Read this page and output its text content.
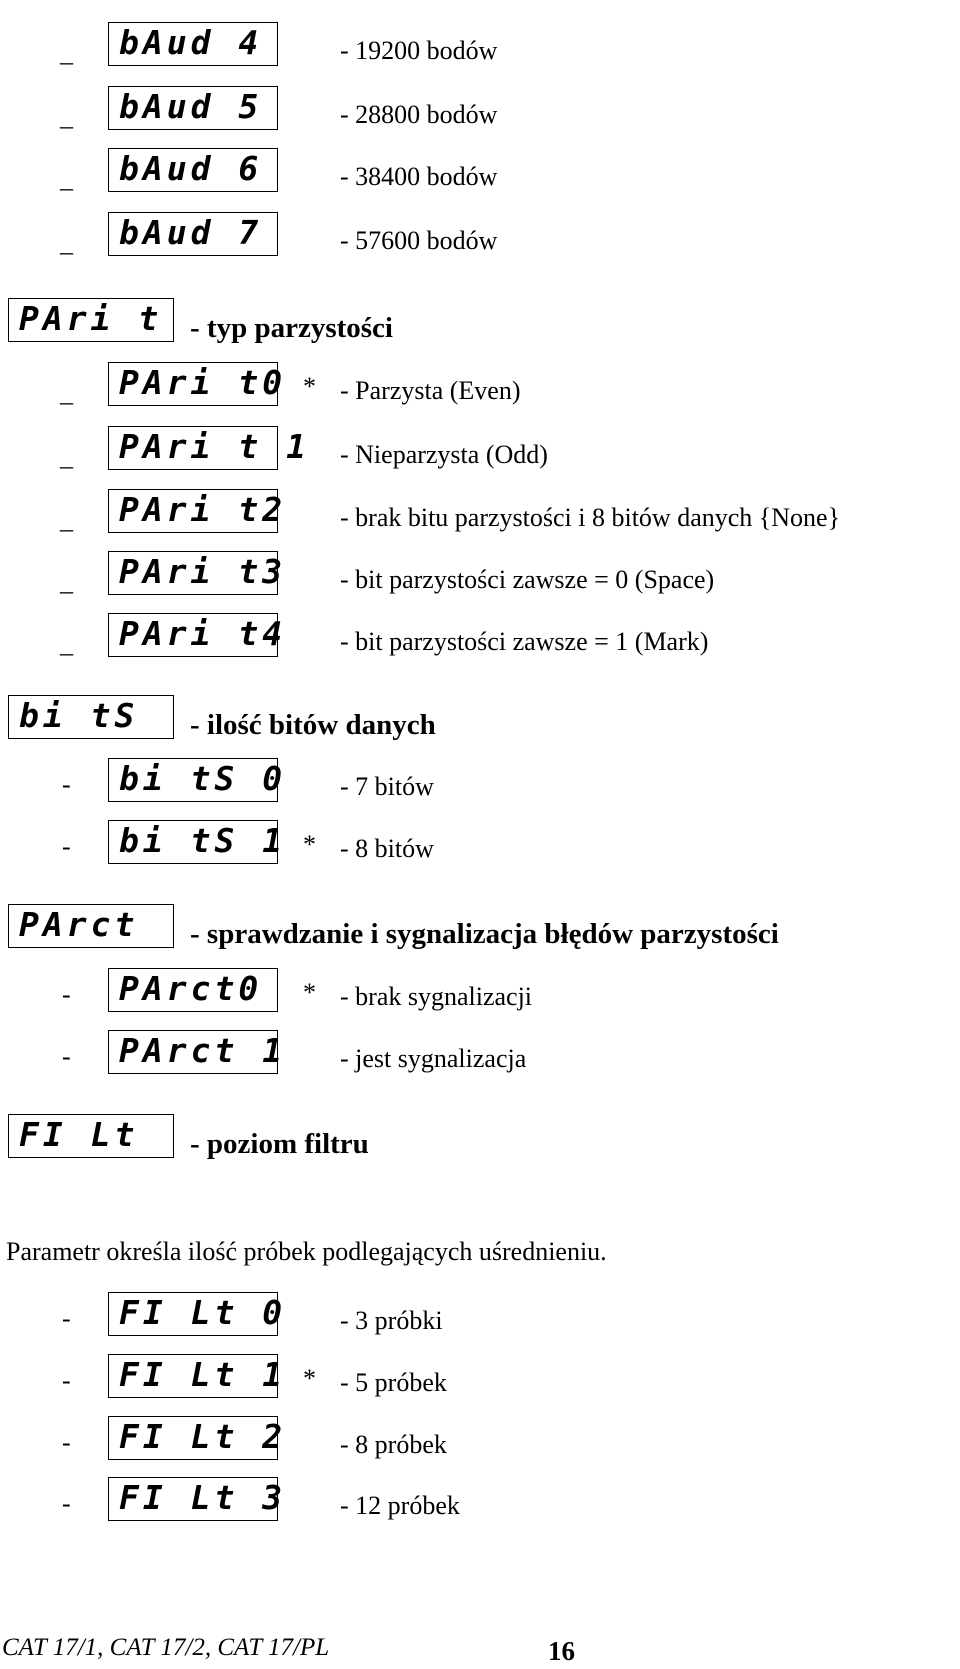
_ bAud 4	- 19200 bodów
_ bAud 5	- 28800 bodów
_ bAud 6	- 38400 bodów
_ bAud 7	- 57600 bodów
PAri t - typ parzystości
_ PAri t0 * - Parzysta (Even)
_ PAri t 1 - Nieparzysta (Odd)
_ PAri t2 - brak bitu parzystości i 8 bitów danych {None}
_ PAri t3 - bit parzystości zawsze = 0 (Space)
_ PAri t4 - bit parzystości zawsze = 1 (Mark)
bi tS - ilość bitów danych
- bi tS 0 - 7 bitów
- bi tS 1 * - 8 bitów
PArct - sprawdzanie i sygnalizacja błędów parzystości
- PArct0 * - brak sygnalizacji
- PArct 1 - jest sygnalizacja
FI Lt - poziom filtru
- FI Lt 0 - 3 próbki
- FI Lt 1 * - 5 próbek
- FI Lt 2 - 8 próbek
- FI Lt 3 - 12 próbek
Parametr określa ilość próbek podlegających uśrednieniu.
CAT 17/1, CAT 17/2, CAT 17/PL	16
